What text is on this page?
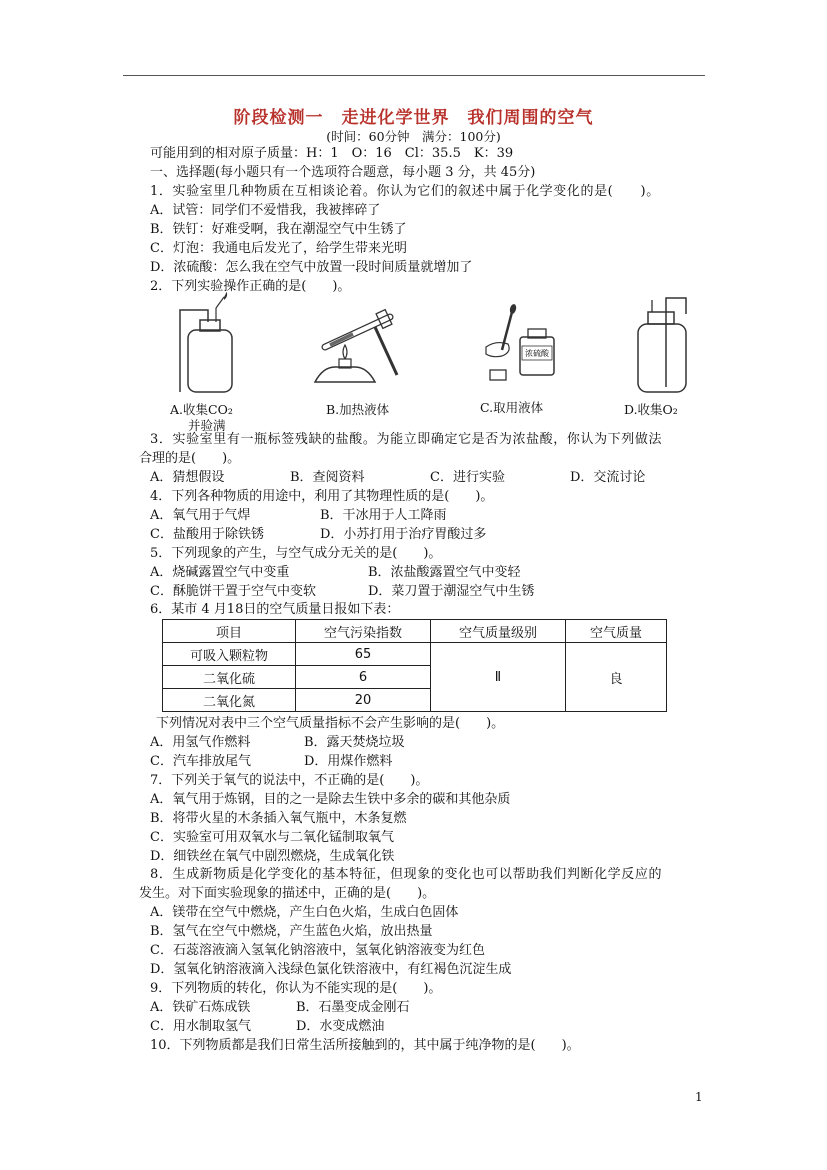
阶段检测一　走进化学世界　我们周围的空气
(时间：60分钟　满分：100分)
可能用到的相对原子质量：H：1　O：16　Cl：35.5　K：39
一、选择题(每小题只有一个选项符合题意，每小题 3 分，共 45分)
1．实验室里几种物质在互相谈论着。你认为它们的叙述中属于化学变化的是(　　)。
A．试管：同学们不爱惜我，我被摔碎了
B．铁钉：好难受啊，我在潮湿空气中生锈了
C．灯泡：我通电后发光了，给学生带来光明
D．浓硫酸：怎么我在空气中放置一段时间质量就增加了
2．下列实验操作正确的是(　　)。
A.收集CO₂
并验满
B.加热液体
浓硫酸
C.取用液体	D.收集O₂
3．实验室里有一瓶标签残缺的盐酸。为能立即确定它是否为浓盐酸，你认为下列做法
合理的是(　　)。
A．猜想假设	B．查阅资料	C．进行实验	D．交流讨论
4．下列各种物质的用途中，利用了其物理性质的是(　　)。
A．氧气用于气焊	B．干冰用于人工降雨
C．盐酸用于除铁锈	D．小苏打用于治疗胃酸过多
5．下列现象的产生，与空气成分无关的是(　　)。
A．烧碱露置空气中变重	B．浓盐酸露置空气中变轻
C．酥脆饼干置于空气中变软	D．菜刀置于潮湿空气中生锈
6．某市 4 月18日的空气质量日报如下表：
项目	空气污染指数	空气质量级别	空气质量
可吸入颗粒物	65	Ⅱ	良
二氧化硫	6		
二氧化氮	20		
下列情况对表中三个空气质量指标不会产生影响的是(　　)。
A．用氢气作燃料	B．露天焚烧垃圾
C．汽车排放尾气	D．用煤作燃料
7．下列关于氧气的说法中，不正确的是(　　)。
A．氧气用于炼钢，目的之一是除去生铁中多余的碳和其他杂质
B．将带火星的木条插入氧气瓶中，木条复燃
C．实验室可用双氧水与二氧化锰制取氧气
D．细铁丝在氧气中剧烈燃烧，生成氧化铁
8．生成新物质是化学变化的基本特征，但现象的变化也可以帮助我们判断化学反应的
发生。对下面实验现象的描述中，正确的是(　　)。
A．镁带在空气中燃烧，产生白色火焰，生成白色固体
B．氢气在空气中燃烧，产生蓝色火焰，放出热量
C．石蕊溶液滴入氢氧化钠溶液中，氢氧化钠溶液变为红色
D．氢氧化钠溶液滴入浅绿色氯化铁溶液中，有红褐色沉淀生成
9．下列物质的转化，你认为不能实现的是(　　)。
A．铁矿石炼成铁	B．石墨变成金刚石
C．用水制取氢气	D．水变成燃油
10．下列物质都是我们日常生活所接触到的，其中属于纯净物的是(　　)。
1
